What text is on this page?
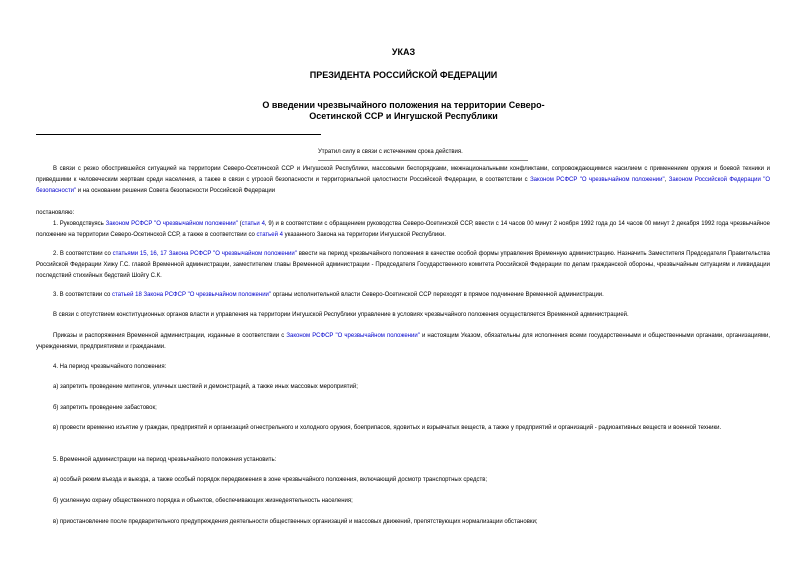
УКАЗ
ПРЕЗИДЕНТА РОССИЙСКОЙ ФЕДЕРАЦИИ
О введении чрезвычайного положения на территории Северо-
Осетинской ССР и Ингушской Республики
Утратил силу в связи с истечением срока действия.
В связи с резко обострившейся ситуацией на территории Северо-Осетинской ССР и Ингушской Республики, массовыми беспорядками, межнациональными конфликтами, сопровождающимися насилием с применением оружия и боевой техники и приведшими к человеческим жертвам среди населения, а также в связи с угрозой безопасности и территориальной целостности Российской Федерации, в соответствии с Законом РСФСР "О чрезвычайном положении", Законом Российской Федерации "О безопасности" и на основании решения Совета безопасности Российской Федерации
постановляю:
1. Руководствуясь Законом РСФСР "О чрезвычайном положении" (статьи 4, 9) и в соответствии с обращением руководства Северо-Осетинской ССР, ввести с 14 часов 00 минут 2 ноября 1992 года до 14 часов 00 минут 2 декабря 1992 года чрезвычайное положение на территории Северо-Осетинской ССР, а также в соответствии со статьей 4 указанного Закона на территории Ингушской Республики.
2. В соответствии со статьями 15, 16, 17 Закона РСФСР "О чрезвычайном положении" ввести на период чрезвычайного положения в качестве особой формы управления Временную администрацию. Назначить Заместителя Председателя Правительства Российской Федерации Хижу Г.С. главой Временной администрации, заместителем главы Временной администрации - Председателя Государственного комитета Российской Федерации по делам гражданской обороны, чрезвычайным ситуациям и ликвидации последствий стихийных бедствий Шойгу С.К.
3. В соответствии со статьей 18 Закона РСФСР "О чрезвычайном положении" органы исполнительной власти Северо-Осетинской ССР переходят в прямое подчинение Временной администрации.
В связи с отсутствием конституционных органов власти и управления на территории Ингушской Республики управление в условиях чрезвычайного положения осуществляется Временной администрацией.
Приказы и распоряжения Временной администрации, изданные в соответствии с Законом РСФСР "О чрезвычайном положении" и настоящим Указом, обязательны для исполнения всеми государственными и общественными органами, организациями, учреждениями, предприятиями и гражданами.
4. На период чрезвычайного положения:
а) запретить проведение митингов, уличных шествий и демонстраций, а также иных массовых мероприятий;
б) запретить проведение забастовок;
в) провести временно изъятие у граждан, предприятий и организаций огнестрельного и холодного оружия, боеприпасов, ядовитых и взрывчатых веществ, а также у предприятий и организаций - радиоактивных веществ и военной техники.
5. Временной администрации на период чрезвычайного положения установить:
а) особый режим въезда и выезда, а также особый порядок передвижения в зоне чрезвычайного положения, включающий досмотр транспортных средств;
б) усиленную охрану общественного порядка и объектов, обеспечивающих жизнедеятельность населения;
в) приостановление после предварительного предупреждения деятельности общественных организаций и массовых движений, препятствующих нормализации обстановки;
